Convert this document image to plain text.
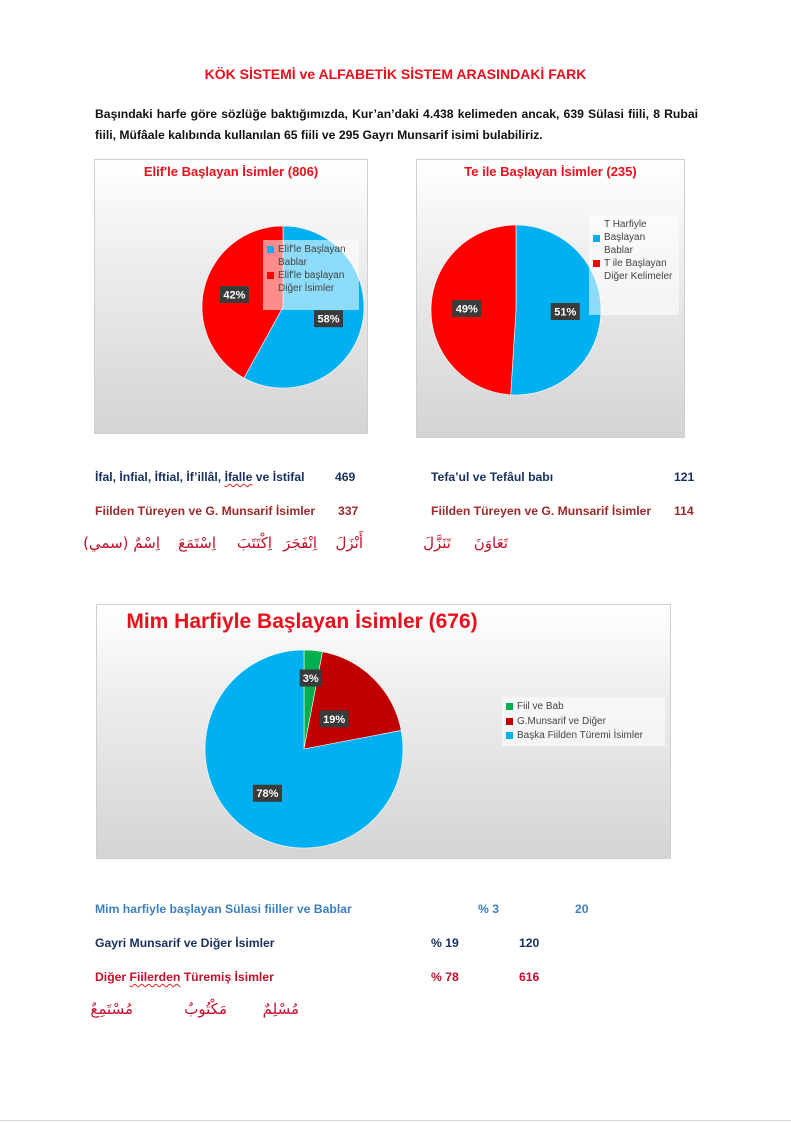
KÖK SİSTEMİ ve ALFABETİK SİSTEM ARASINDAKİ FARK
Başındaki harfe göre sözlüğe baktığımızda, Kur’an’daki 4.438 kelimeden ancak, 639 Sülasi fiili, 8 Rubai fiili, Müfâale kalıbında kullanılan 65 fiili ve 295 Gayrı Munsarif isimi bulabiliriz.
Elif'le Başlayan İsimler (806)
58%
42%
Elif'le Başlayan Bablar
Elif'le başlayan Diğer İsimler
Te ile Başlayan İsimler (235)
51%
49%
T Harfiyle Başlayan Bablar
T ile Başlayan Diğer Kelimeler
İfal, İnfial, İftial, İf’illâl, İfalle ve İstifal 469
Fiilden Türeyen ve G. Munsarif İsimler 337
أَنْزَلَ
اِنْفَجَرَ
اِكْتَتَبَ
اِسْتَمَعَ
اِسْمٌ (سمي)
Tefa’ul ve Tefâul babı	121
Fiilden Türeyen ve G. Munsarif İsimler 114
تَعَاوَنَ
تَنَزَّلَ
Mim Harfiyle Başlayan İsimler (676)
3%
19%
78%
Fiil ve Bab
G.Munsarif ve Diğer
Başka Fiilden Türemi İsimler
Mim harfiyle başlayan Sülasi fiiller ve Bablar	% 3	20
Gayri Munsarif ve Diğer İsimler	% 19	120
Diğer Fiilerden Türemiş İsimler	% 78	616
مُسْلِمٌ
مَكْتُوبٌ
مُسْتَمِعٌ
